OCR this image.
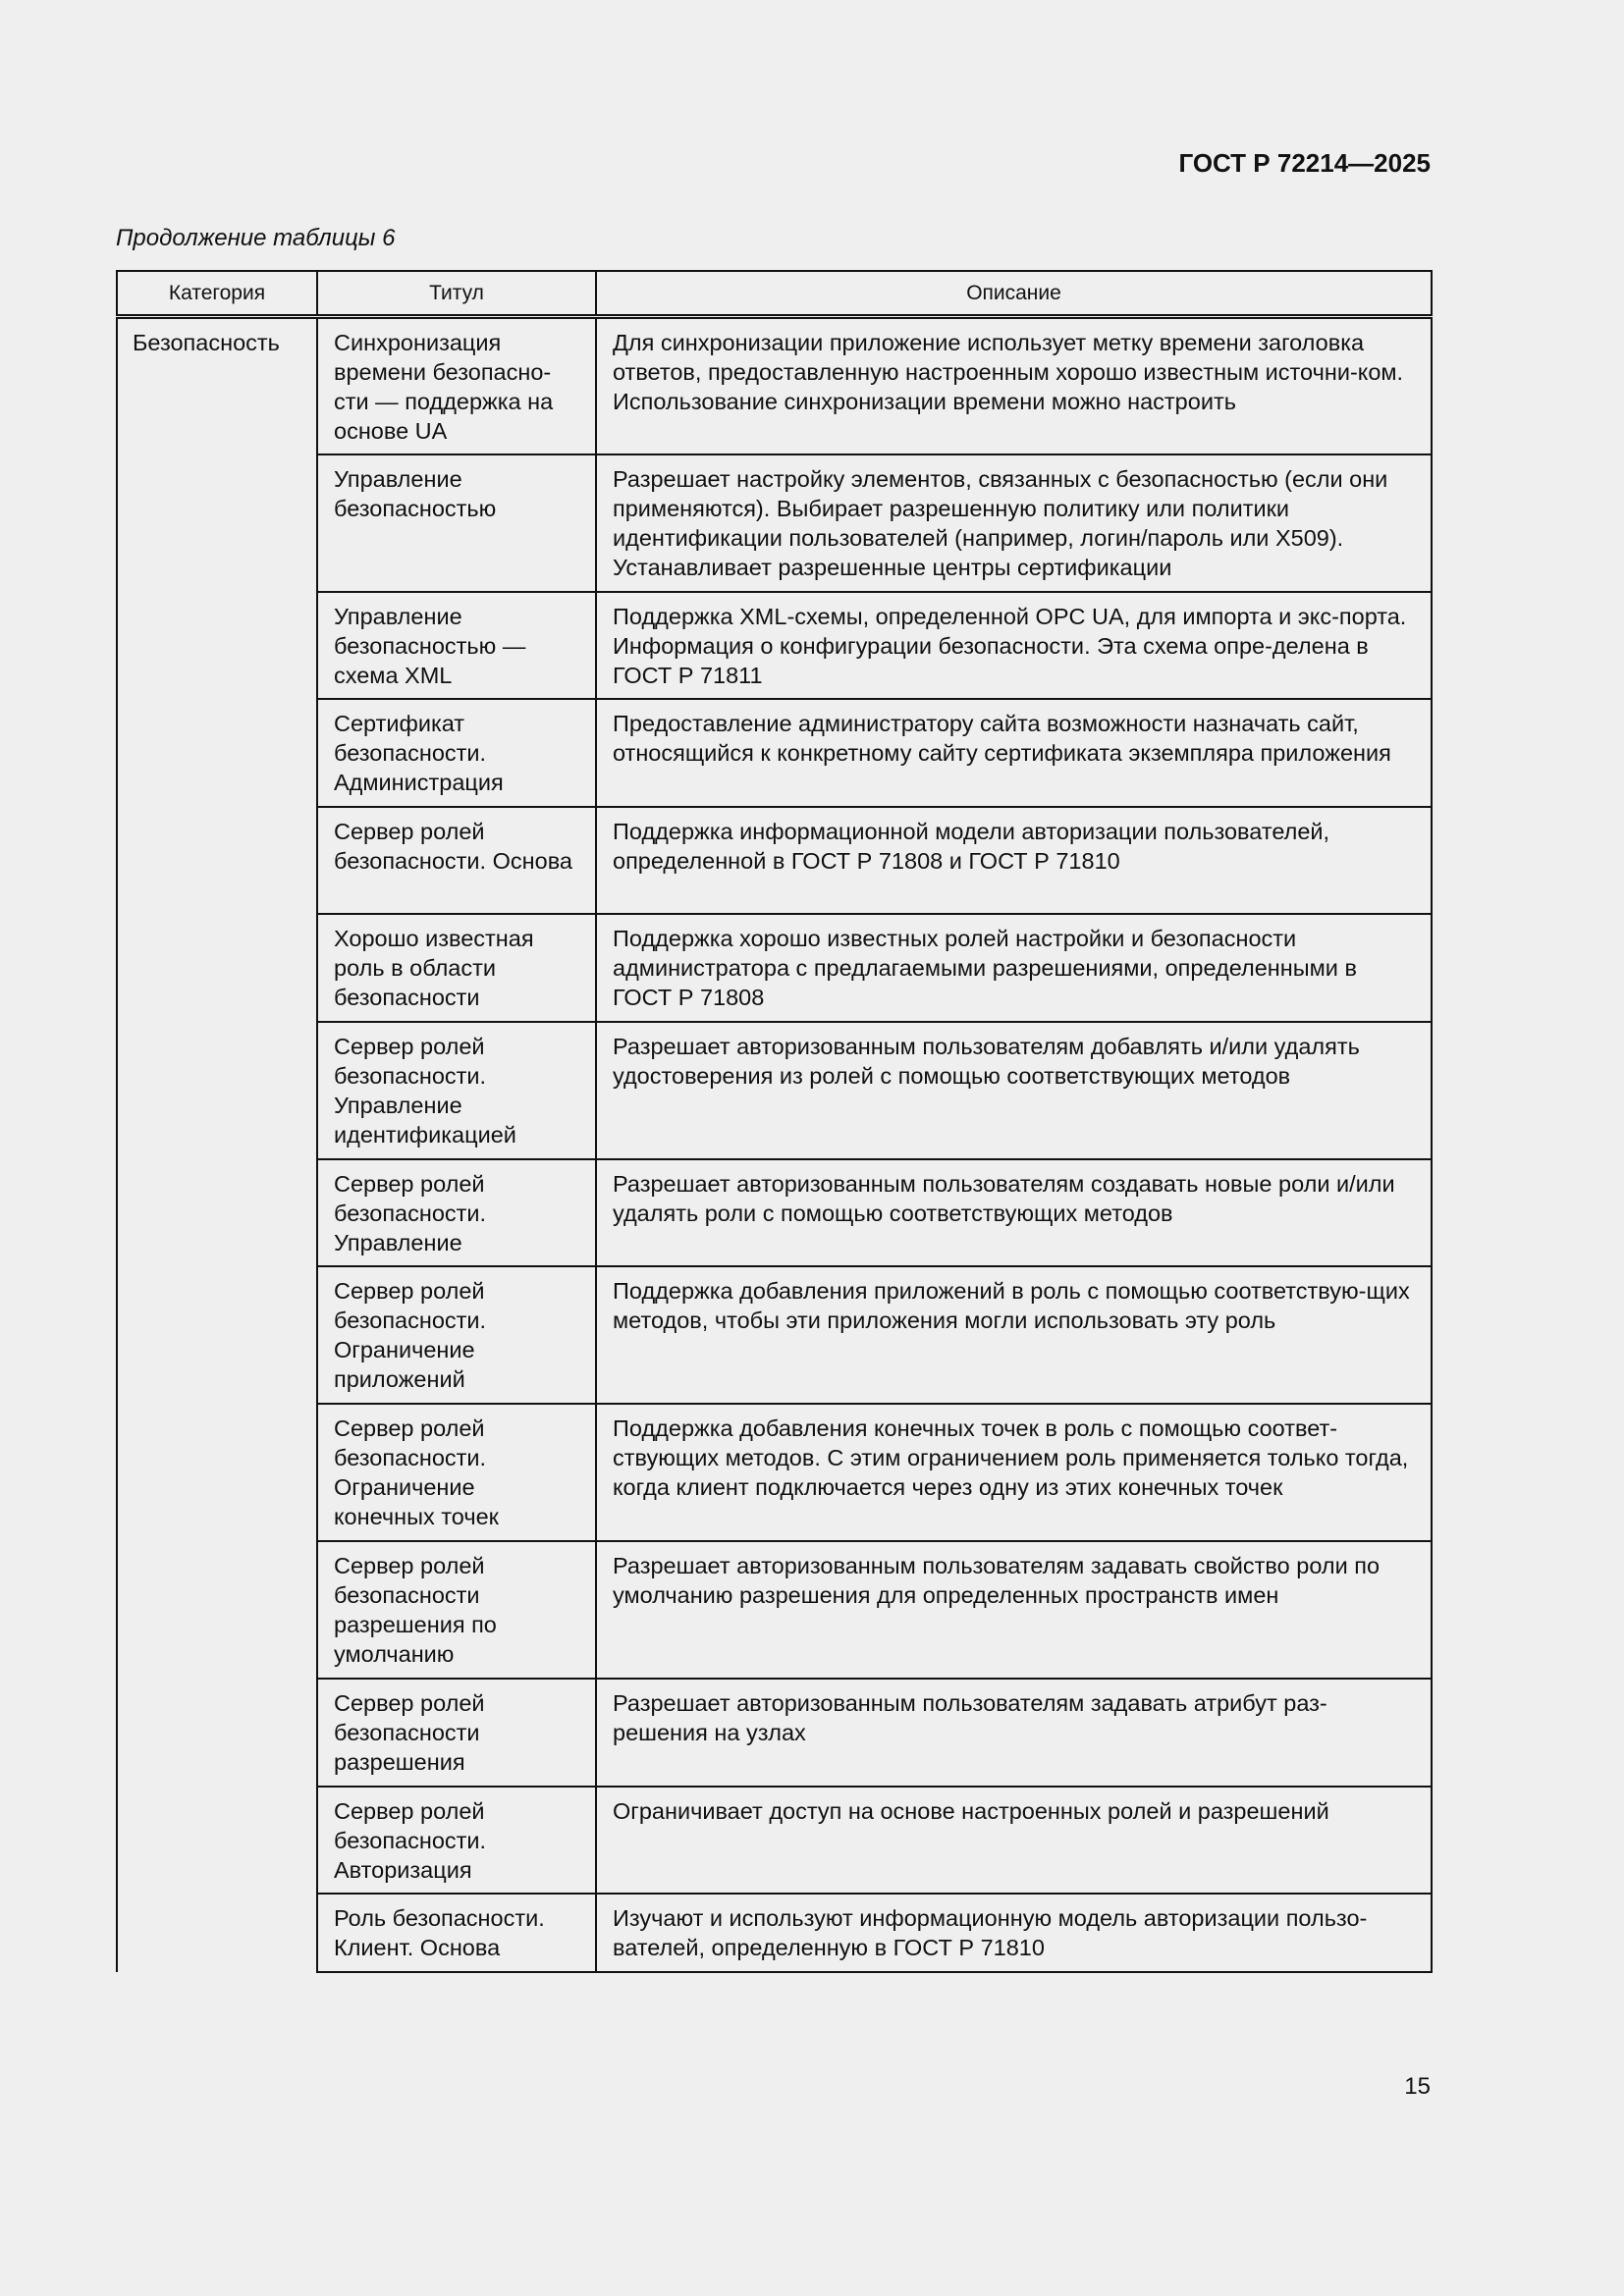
ГОСТ Р 72214—2025
Продолжение таблицы 6
Категория	Титул	Описание
Безопасность	Синхронизация времени безопасно-сти — поддержка на основе UA	Для синхронизации приложение использует метку времени заголовка ответов, предоставленную настроенным хорошо известным источни-ком. Использование синхронизации времени можно настроить
	Управление безопасностью	Разрешает настройку элементов, связанных с безопасностью (если они применяются). Выбирает разрешенную политику или политики идентификации пользователей (например, логин/пароль или X509). Устанавливает разрешенные центры сертификации
	Управление безопасностью — схема XML	Поддержка XML-схемы, определенной OPC UA, для импорта и экс-порта. Информация о конфигурации безопасности. Эта схема опре-делена в ГОСТ Р 71811
	Сертификат безопасности. Администрация	Предоставление администратору сайта возможности назначать сайт, относящийся к конкретному сайту сертификата экземпляра приложения
	Сервер ролей безопасности. Основа	Поддержка информационной модели авторизации пользователей, определенной в ГОСТ Р 71808 и ГОСТ Р 71810
	Хорошо известная роль в области безопасности	Поддержка хорошо известных ролей настройки и безопасности администратора с предлагаемыми разрешениями, определенными в ГОСТ Р 71808
	Сервер ролей безопасности. Управление идентификацией	Разрешает авторизованным пользователям добавлять и/или удалять удостоверения из ролей с помощью соответствующих методов
	Сервер ролей безопасности. Управление	Разрешает авторизованным пользователям создавать новые роли и/или удалять роли с помощью соответствующих методов
	Сервер ролей безопасности. Ограничение приложений	Поддержка добавления приложений в роль с помощью соответствую-щих методов, чтобы эти приложения могли использовать эту роль
	Сервер ролей безопасности. Ограничение конечных точек	Поддержка добавления конечных точек в роль с помощью соответ-ствующих методов. С этим ограничением роль применяется только тогда, когда клиент подключается через одну из этих конечных точек
	Сервер ролей безопасности разрешения по умолчанию	Разрешает авторизованным пользователям задавать свойство роли по умолчанию разрешения для определенных пространств имен
	Сервер ролей безопасности разрешения	Разрешает авторизованным пользователям задавать атрибут раз-решения на узлах
	Сервер ролей безопасности. Авторизация	Ограничивает доступ на основе настроенных ролей и разрешений
	Роль безопасности. Клиент. Основа	Изучают и используют информационную модель авторизации пользо-вателей, определенную в ГОСТ Р 71810
15
